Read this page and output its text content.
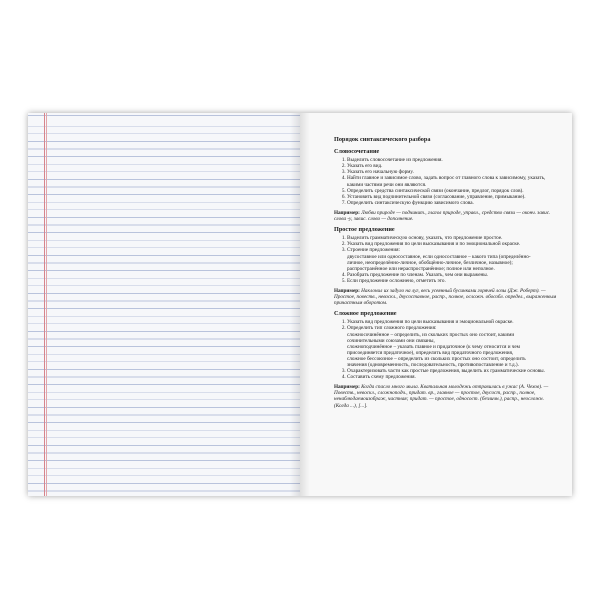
Порядок синтаксического разбора
Словосочетание
1. Выделить словосочетание из предложения.
2. Указать его вид.
3. Указать его начальную форму.
4. Найти главное и зависимое слово, задать вопрос от главного слова к зависимому, указать, какими частями речи они являются.
5. Определить средства синтаксической связи (окончание, предлог, порядок слов).
6. Установить вид подчинительной связи (согласование, управление, примыкание).
7. Определить синтаксическую функцию зависимого слова.
Например: Любви природе — подчинит., глагол природе, управл., средство связи — оконч. завис. слова -у, завис. слово — дополнение.
Простое предложение
1. Выделить грамматическую основу, указать, что предложение простое.
2. Указать вид предложения по цели высказывания и по эмоциональной окраске.
3. Строение предложения:
двусоставное или односоставное, если односоставное – какого типа (определённо-
личное, неопределённо-личное, обобщённо-личное, безличное, назывное);
распространённое или нераспространённое; полное или неполное.
4. Разобрать предложение по членам. Указать, чем они выражены.
5. Если предложение осложнено, отметить это.
Например: Наклонил их задуло на луг, весь усеянный бусинками горячей лозы (Дж. Роберт). — Простое, повеств., невоскл., двусоставное, распр., полное, осложн. обособл. определ., выраженным причастным оборотом.
Сложное предложение
1. Указать вид предложения по цели высказывания и эмоциональной окраске.
2. Определить тип сложного предложения:
сложносочинённое – определить, из скольких простых оно состоит, какими
сочинительными союзами они связаны,
сложноподчинённое – указать главное и придаточное (к чему относится и чем
присоединяется придаточное), определить вид придаточного предложения,
сложное бессоюзное – определить из скольких простых оно состоит, определить
значения (одновременность, последовательность, противопоставление и т.д.).
3. Охарактеризовать части как простые предложения, выделить их грамматические основы.
4. Составить схему предложения.
Например: Когда спасло много мыла. Кватальная молодежь отправилась в ужас (А. Чехов). — Повеств., невоскл., сложноподч., придат. вр., главное — простое, двусост, распр., полное, ненаблюдаемоизображ, частная; придат. — простое, односост. (безличн.), распр., неосложн. (Когда ...), [...].
